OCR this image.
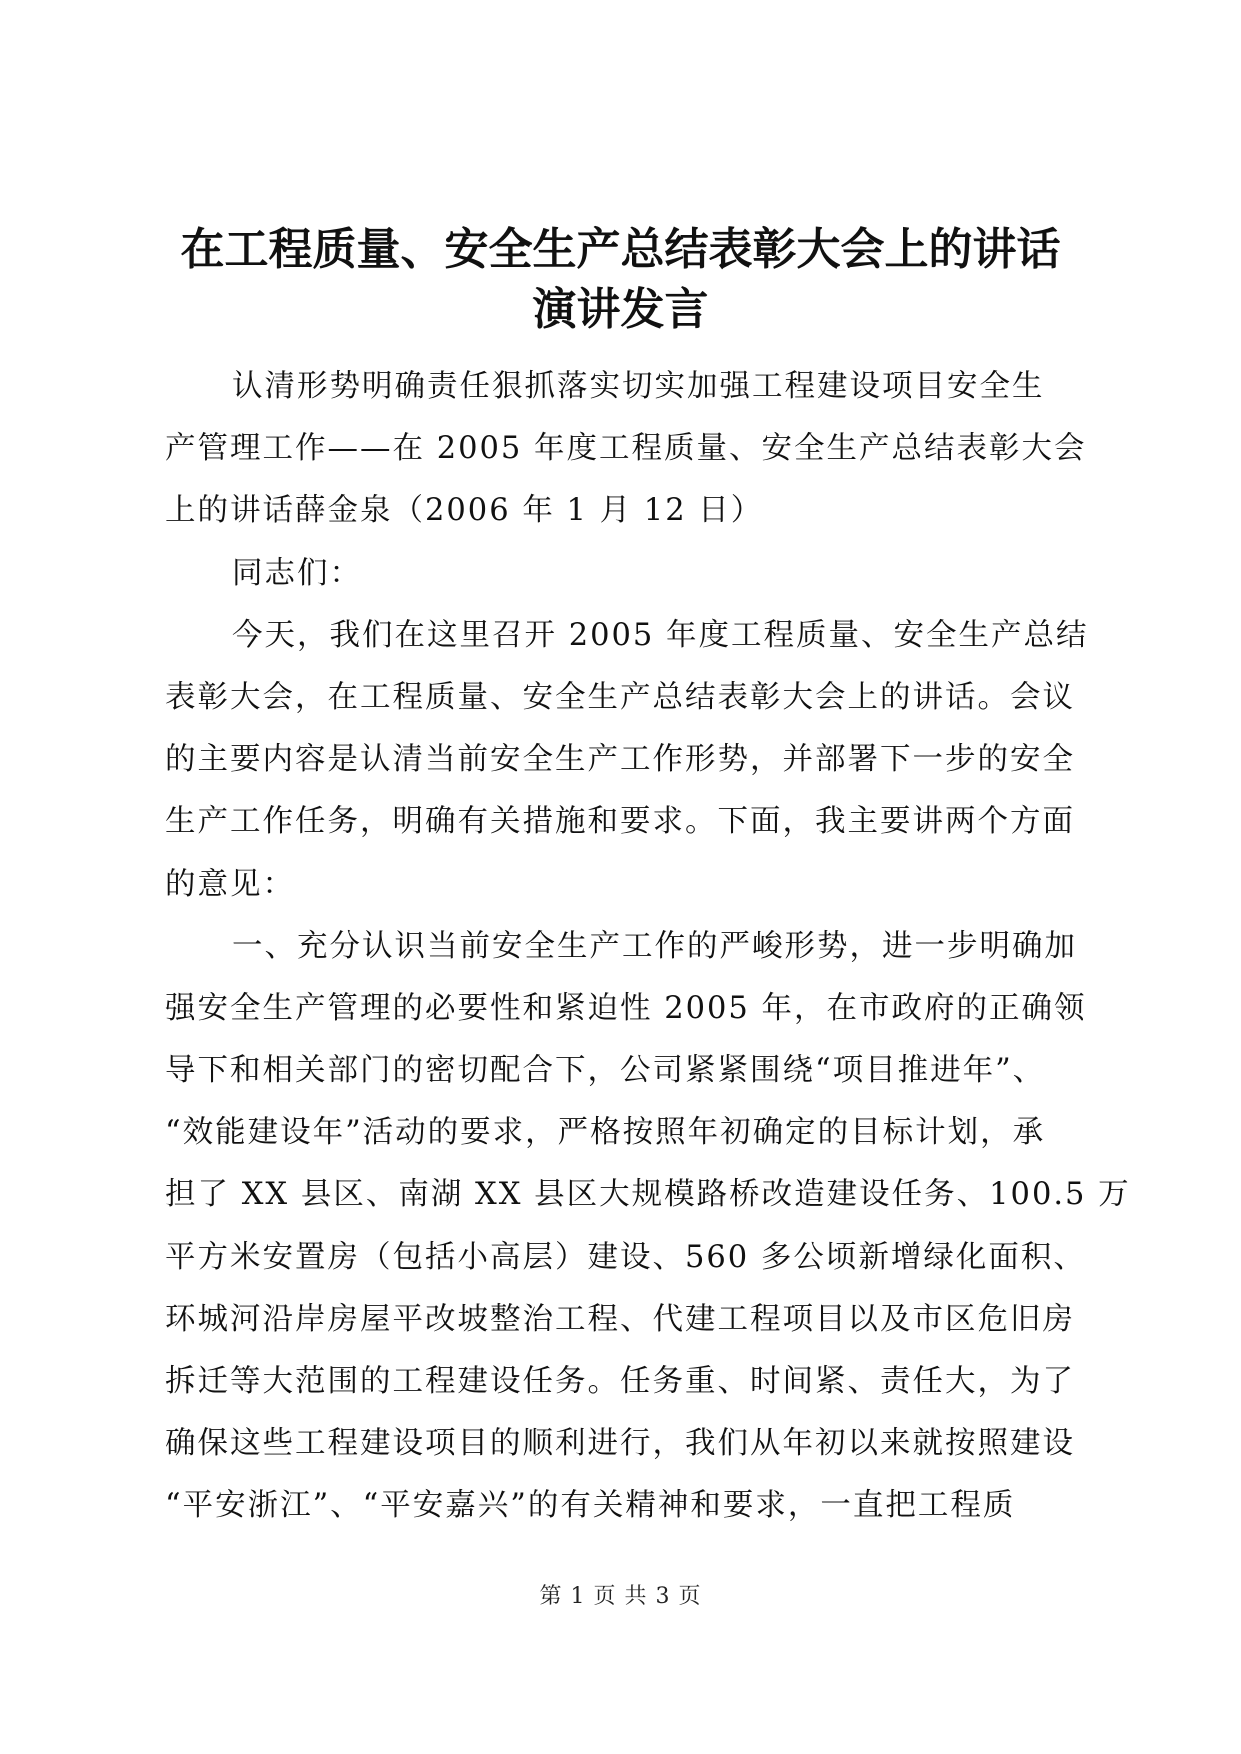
在工程质量、安全生产总结表彰大会上的讲话
演讲发言
认清形势明确责任狠抓落实切实加强工程建设项目安全生
产管理工作——在 2005 年度工程质量、安全生产总结表彰大会
上的讲话薛金泉（2006 年 1 月 12 日）
同志们：
今天，我们在这里召开 2005 年度工程质量、安全生产总结
表彰大会，在工程质量、安全生产总结表彰大会上的讲话。会议
的主要内容是认清当前安全生产工作形势，并部署下一步的安全
生产工作任务，明确有关措施和要求。下面，我主要讲两个方面
的意见：
一、充分认识当前安全生产工作的严峻形势，进一步明确加
强安全生产管理的必要性和紧迫性 2005 年，在市政府的正确领
导下和相关部门的密切配合下，公司紧紧围绕“项目推进年”、
“效能建设年”活动的要求，严格按照年初确定的目标计划，承
担了 XX 县区、南湖 XX 县区大规模路桥改造建设任务、100.5 万
平方米安置房（包括小高层）建设、560 多公顷新增绿化面积、
环城河沿岸房屋平改坡整治工程、代建工程项目以及市区危旧房
拆迁等大范围的工程建设任务。任务重、时间紧、责任大，为了
确保这些工程建设项目的顺利进行，我们从年初以来就按照建设
“平安浙江”、“平安嘉兴”的有关精神和要求，一直把工程质
第 1 页 共 3 页
